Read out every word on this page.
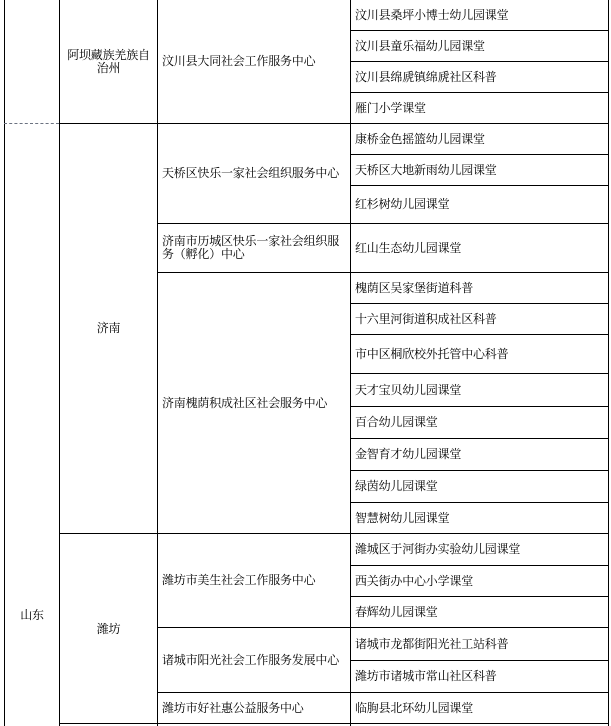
山东
阿坝藏族羌族自治州
济南
潍坊
汶川县大同社会工作服务中心
天桥区快乐一家社会组织服务中心
济南市历城区快乐一家社会组织服务（孵化）中心
济南槐荫积成社区社会服务中心
潍坊市美生社会工作服务中心
诸城市阳光社会工作服务发展中心
潍坊市好社惠公益服务中心
汶川县桑坪小博士幼儿园课堂
汶川县童乐福幼儿园课堂
汶川县绵虒镇绵虒社区科普
雁门小学课堂
康桥金色摇篮幼儿园课堂
天桥区大地新雨幼儿园课堂
红杉树幼儿园课堂
红山生态幼儿园课堂
槐荫区吴家堡街道科普
十六里河街道积成社区科普
市中区桐欣校外托管中心科普
天才宝贝幼儿园课堂
百合幼儿园课堂
金智育才幼儿园课堂
绿茵幼儿园课堂
智慧树幼儿园课堂
潍城区于河街办实验幼儿园课堂
西关街办中心小学课堂
春辉幼儿园课堂
诸城市龙都街阳光社工站科普
潍坊市诸城市常山社区科普
临朐县北环幼儿园课堂
